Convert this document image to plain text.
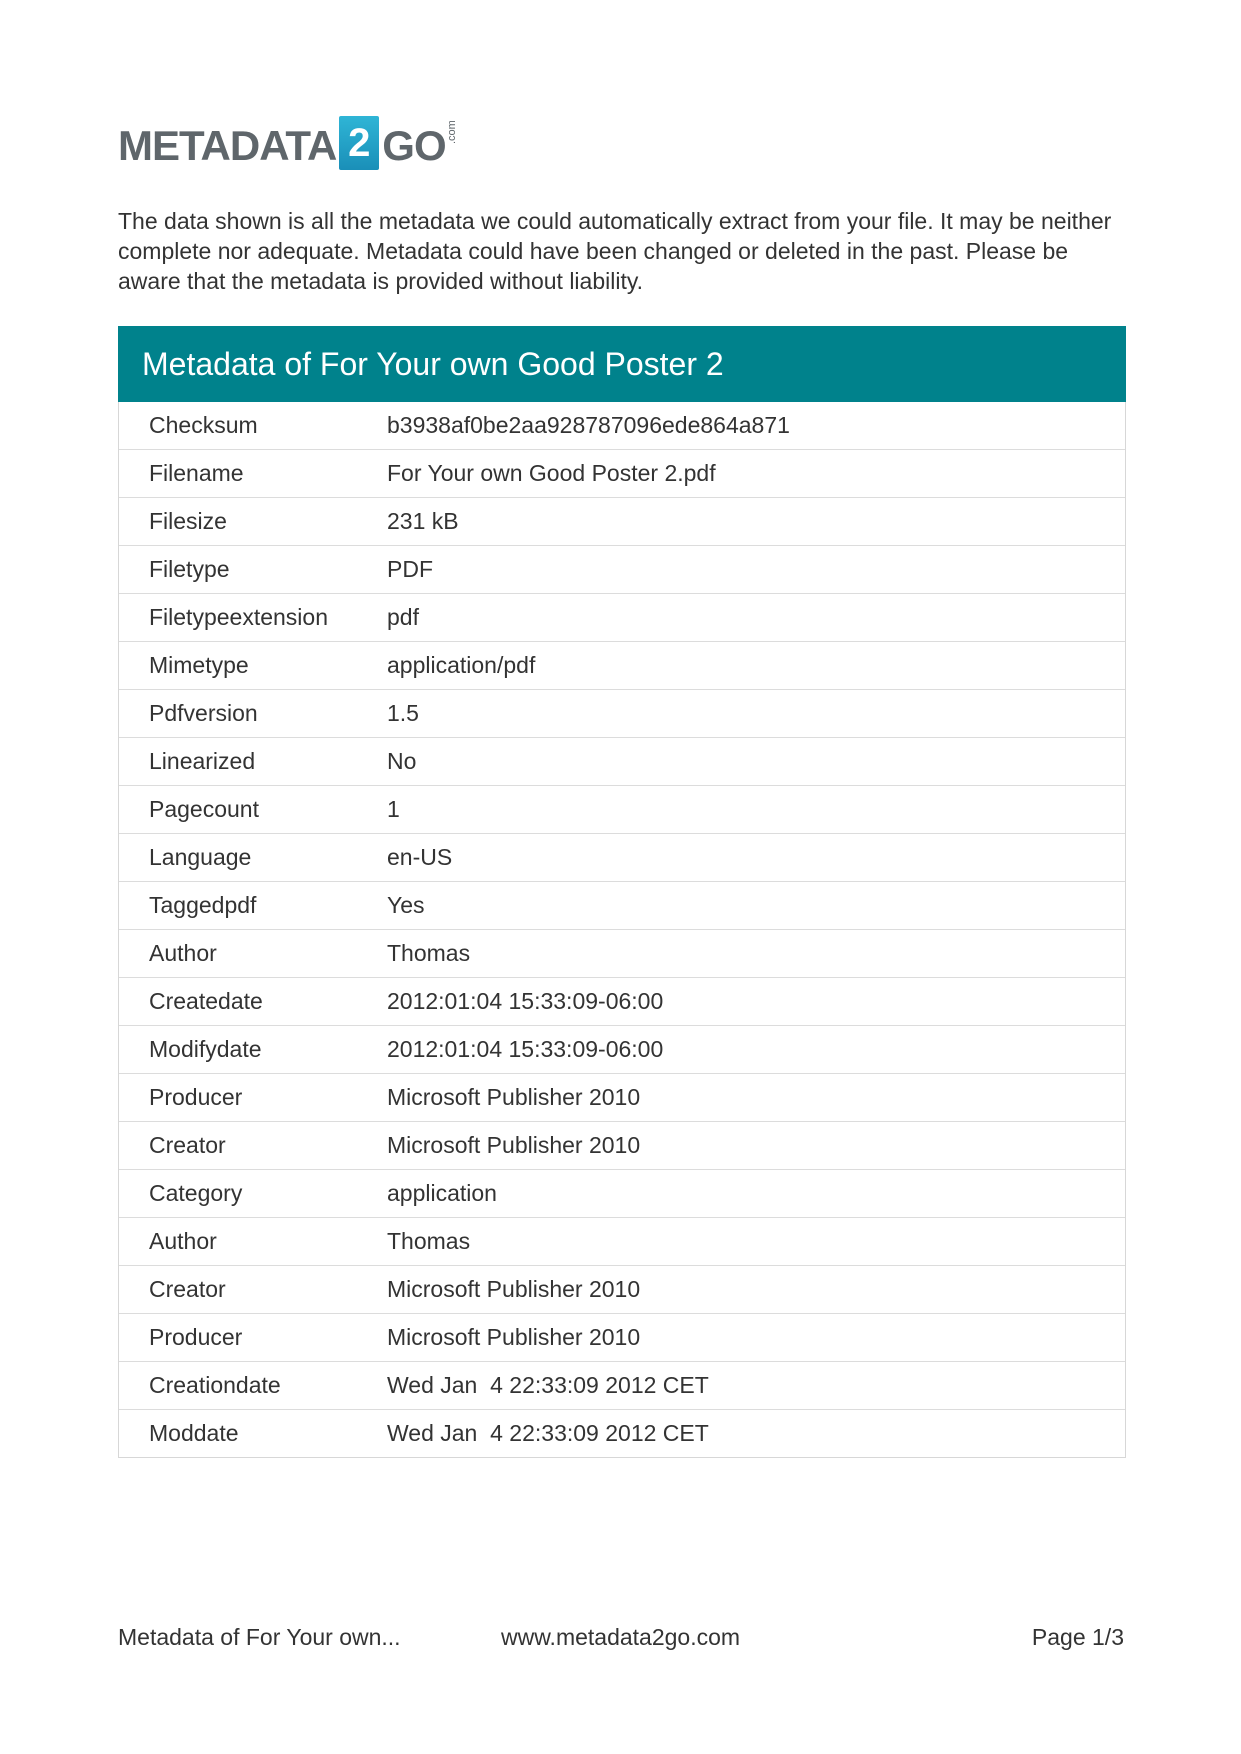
METADATA 2 GO .com

The data shown is all the metadata we could automatically extract from your file. It may be neither complete nor adequate. Metadata could have been changed or deleted in the past. Please be aware that the metadata is provided without liability.

Metadata of For Your own Good Poster 2
Checksum	b3938af0be2aa928787096ede864a871
Filename	For Your own Good Poster 2.pdf
Filesize	231 kB
Filetype	PDF
Filetypeextension	pdf
Mimetype	application/pdf
Pdfversion	1.5
Linearized	No
Pagecount	1
Language	en-US
Taggedpdf	Yes
Author	Thomas
Createdate	2012:01:04 15:33:09-06:00
Modifydate	2012:01:04 15:33:09-06:00
Producer	Microsoft Publisher 2010
Creator	Microsoft Publisher 2010
Category	application
Author	Thomas
Creator	Microsoft Publisher 2010
Producer	Microsoft Publisher 2010
Creationdate	Wed Jan  4 22:33:09 2012 CET
Moddate	Wed Jan  4 22:33:09 2012 CET
Metadata of For Your own...	www.metadata2go.com	Page 1/3
